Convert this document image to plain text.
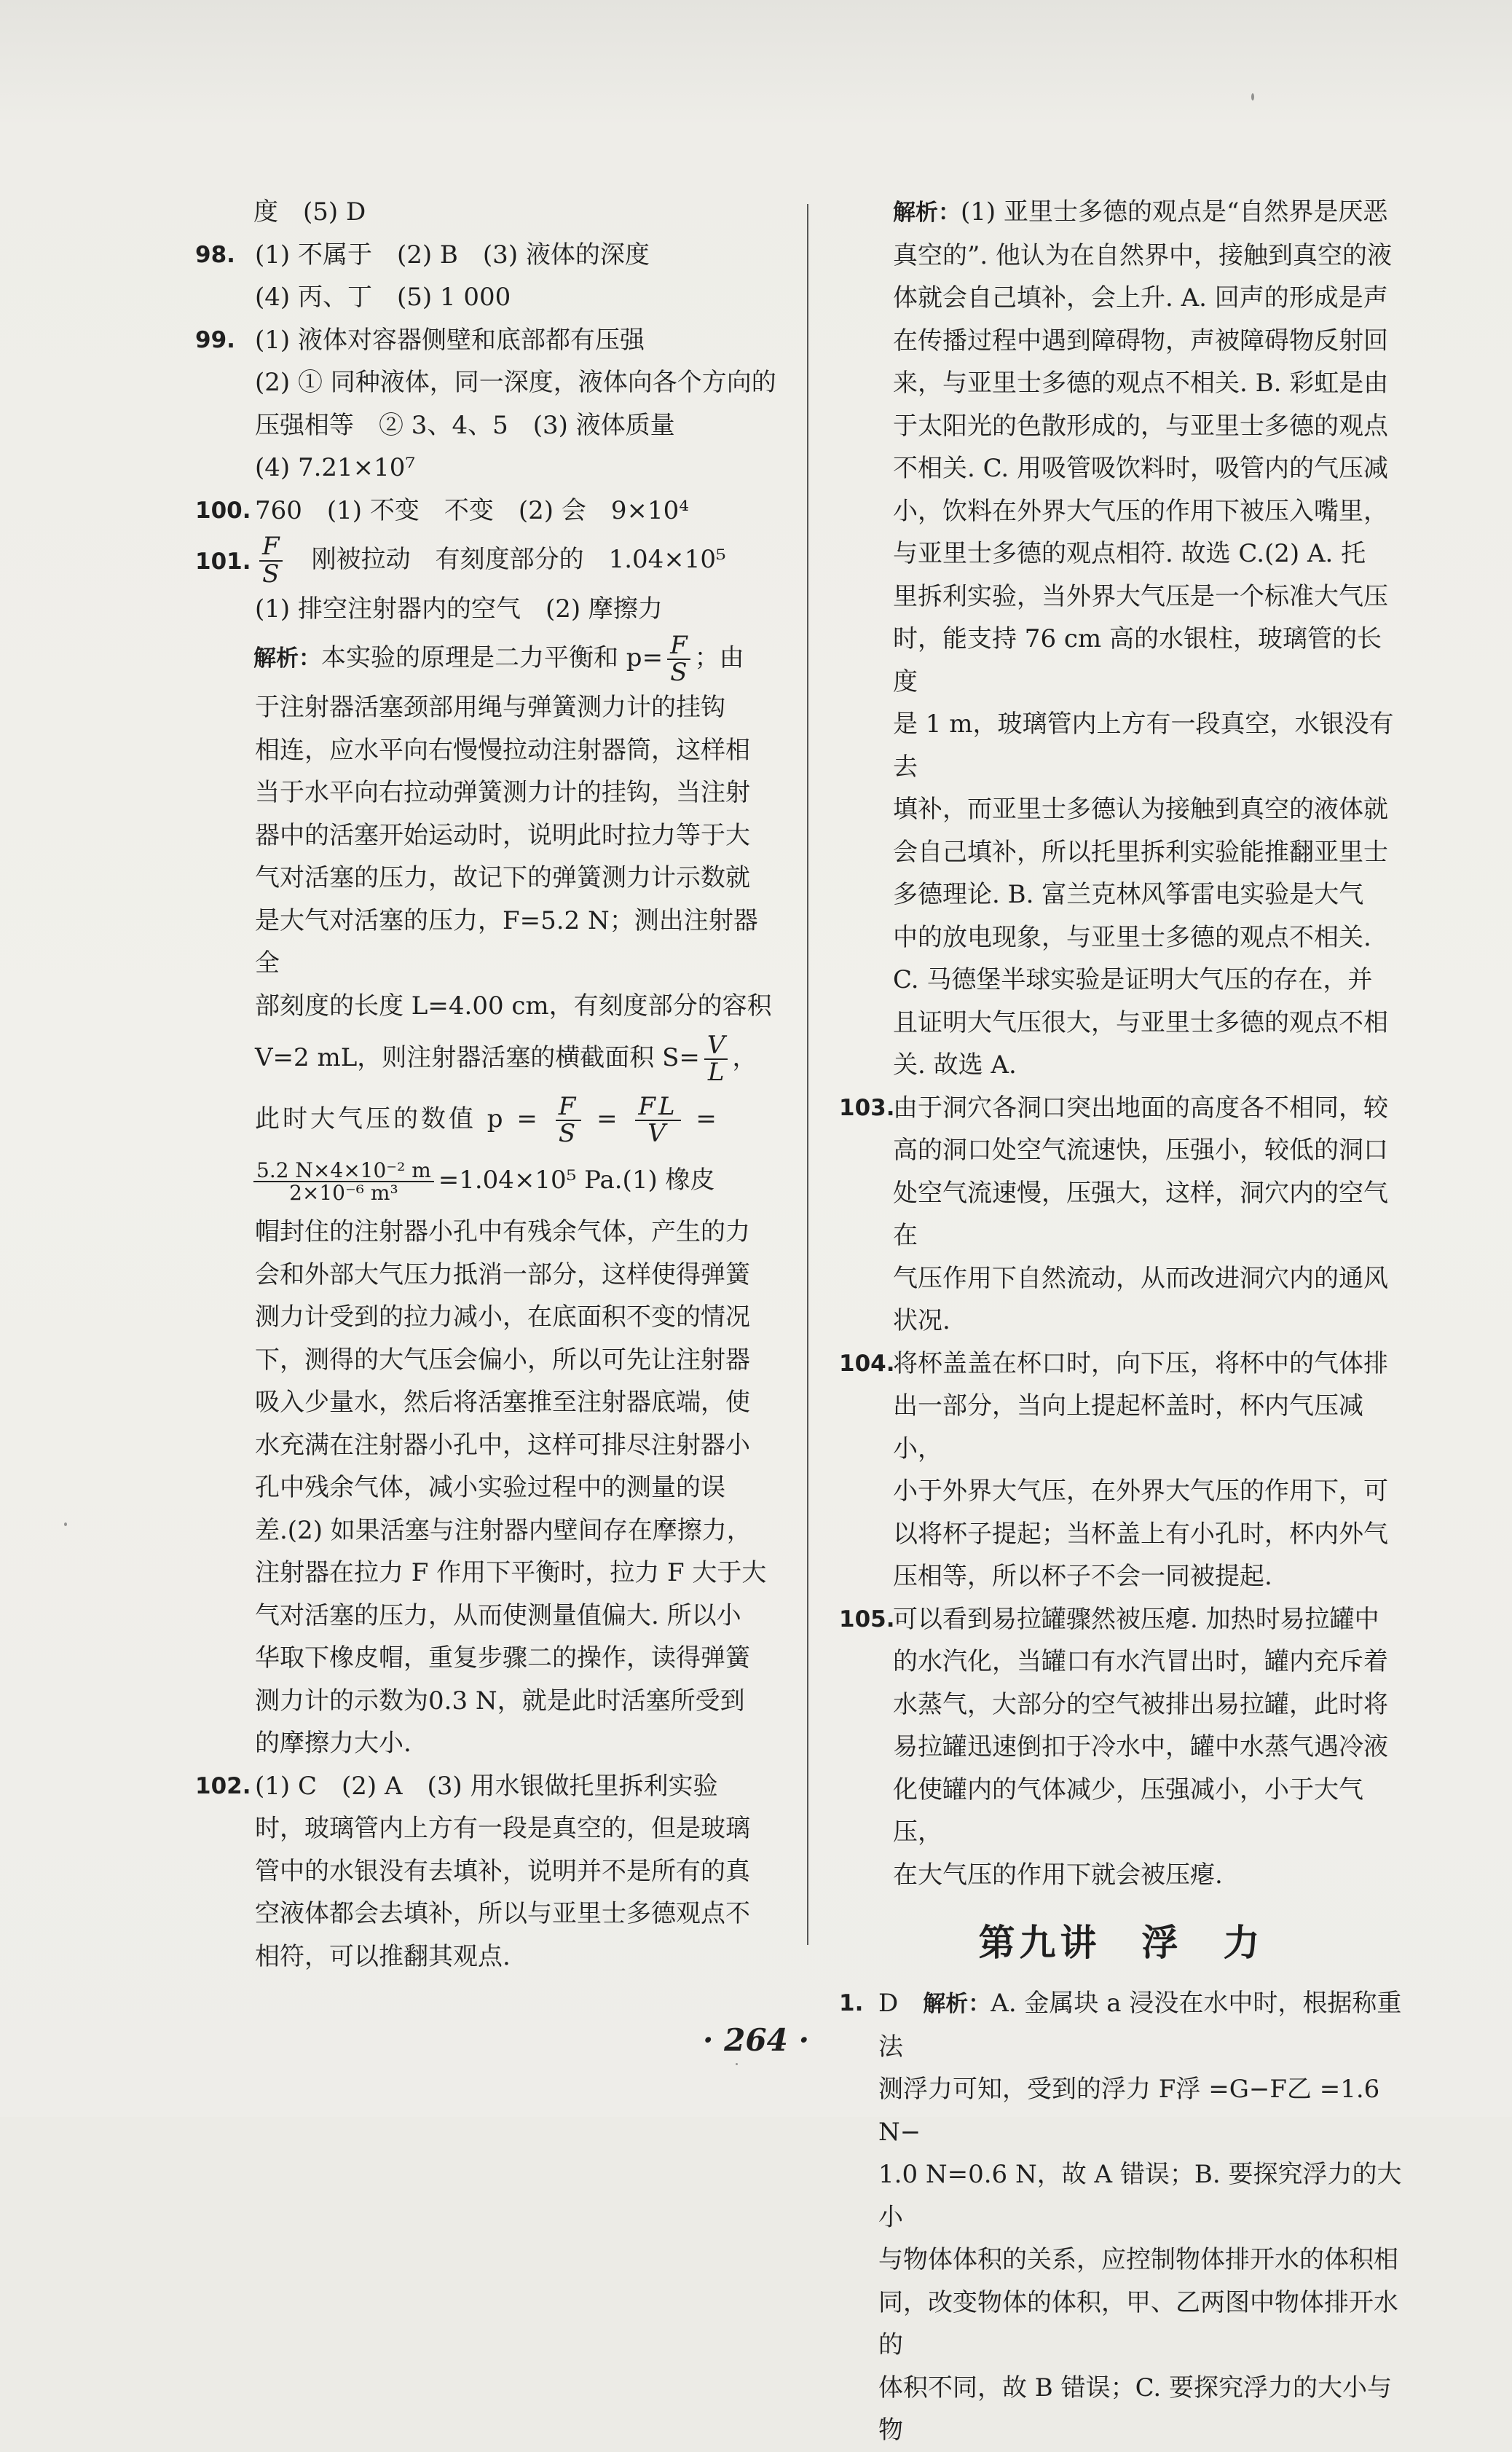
度　(5) D

98. (1) 不属于　(2) B　(3) 液体的深度

(4) 丙、丁　(5) 1 000

99. (1) 液体对容器侧壁和底部都有压强

(2) ① 同种液体，同一深度，液体向各个方向的

压强相等　② 3、4、5　(3) 液体质量

(4) 7.21×10⁷

100. 760　(1) 不变　不变　(2) 会　9×10⁴

101. $\frac{F}{S}$ 　刚被拉动　有刻度部分的　1.04×10⁵

(1) 排空注射器内的空气　(2) 摩擦力

解析：本实验的原理是二力平衡和 $p= \frac{F}{S}$ ；由

于注射器活塞颈部用绳与弹簧测力计的挂钩

相连，应水平向右慢慢拉动注射器筒，这样相

当于水平向右拉动弹簧测力计的挂钩，当注射

器中的活塞开始运动时，说明此时拉力等于大

气对活塞的压力，故记下的弹簧测力计示数就

是大气对活塞的压力，F=5.2 N；测出注射器全

部刻度的长度 L=4.00 cm，有刻度部分的容积

V=2 mL，则注射器活塞的横截面积 $S= \frac{V}{L}$ ，

此时大气压的数值 $p = \frac{F}{S} = \frac{FL}{V}$ =

$\frac{\text{5.2 N×4×10⁻² m}}{\text{2×10⁻⁶ m³}} =1.04\times 10^5$ Pa.(1) 橡皮

帽封住的注射器小孔中有残余气体，产生的力

会和外部大气压力抵消一部分，这样使得弹簧

测力计受到的拉力减小，在底面积不变的情况

下，测得的大气压会偏小，所以可先让注射器

吸入少量水，然后将活塞推至注射器底端，使

水充满在注射器小孔中，这样可排尽注射器小

孔中残余气体，减小实验过程中的测量的误

差.(2) 如果活塞与注射器内壁间存在摩擦力，

注射器在拉力 F 作用下平衡时，拉力 F 大于大

气对活塞的压力，从而使测量值偏大. 所以小

华取下橡皮帽，重复步骤二的操作，读得弹簧

测力计的示数为0.3 N，就是此时活塞所受到

的摩擦力大小.

102. (1) C　(2) A　(3) 用水银做托里拆利实验

时，玻璃管内上方有一段是真空的，但是玻璃

管中的水银没有去填补，说明并不是所有的真

空液体都会去填补，所以与亚里士多德观点不

相符，可以推翻其观点.

解析：(1) 亚里士多德的观点是“自然界是厌恶

真空的”. 他认为在自然界中，接触到真空的液

体就会自己填补，会上升. A. 回声的形成是声

在传播过程中遇到障碍物，声被障碍物反射回

来，与亚里士多德的观点不相关. B. 彩虹是由

于太阳光的色散形成的，与亚里士多德的观点

不相关. C. 用吸管吸饮料时，吸管内的气压减

小，饮料在外界大气压的作用下被压入嘴里，

与亚里士多德的观点相符. 故选 C.(2) A. 托

里拆利实验，当外界大气压是一个标准大气压

时，能支持 76 cm 高的水银柱，玻璃管的长度

是 1 m，玻璃管内上方有一段真空，水银没有去

填补，而亚里士多德认为接触到真空的液体就

会自己填补，所以托里拆利实验能推翻亚里士

多德理论. B. 富兰克林风筝雷电实验是大气

中的放电现象，与亚里士多德的观点不相关.

C. 马德堡半球实验是证明大气压的存在，并

且证明大气压很大，与亚里士多德的观点不相

关. 故选 A.

103.

由于洞穴各洞口突出地面的高度各不相同，较

高的洞口处空气流速快，压强小，较低的洞口

处空气流速慢，压强大，这样，洞穴内的空气在

气压作用下自然流动，从而改进洞穴内的通风

状况.

104.

将杯盖盖在杯口时，向下压，将杯中的气体排

出一部分，当向上提起杯盖时，杯内气压减小，

小于外界大气压，在外界大气压的作用下，可

以将杯子提起；当杯盖上有小孔时，杯内外气

压相等，所以杯子不会一同被提起.

105.

可以看到易拉罐骤然被压瘪. 加热时易拉罐中

的水汽化，当罐口有水汽冒出时，罐内充斥着

水蒸气，大部分的空气被排出易拉罐，此时将

易拉罐迅速倒扣于冷水中，罐中水蒸气遇冷液

化使罐内的气体减少，压强减小，小于大气压，

在大气压的作用下就会被压瘪.

第九讲　浮　力
1. D　解析：A. 金属块 a 浸没在水中时，根据称重法

测浮力可知，受到的浮力 F浮 =G−F乙 =1.6 N−

1.0 N=0.6 N，故 A 错误；B. 要探究浮力的大小

与物体体积的关系，应控制物体排开水的体积相

同，改变物体的体积，甲、乙两图中物体排开水的

体积不同，故 B 错误；C. 要探究浮力的大小与物

· 264 ·
